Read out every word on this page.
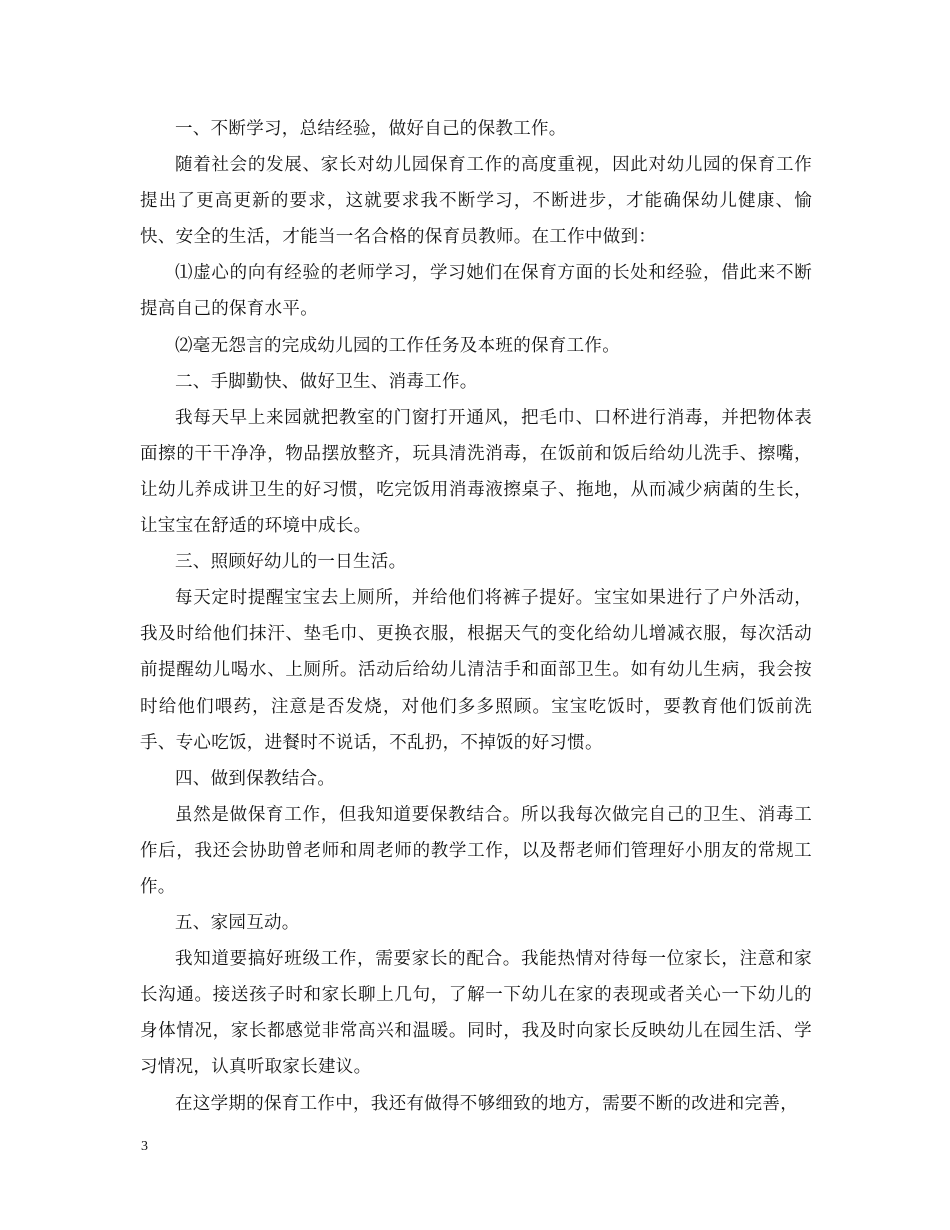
一、不断学习，总结经验，做好自己的保教工作。

随着社会的发展、家长对幼儿园保育工作的高度重视，因此对幼儿园的保育工作提出了更高更新的要求，这就要求我不断学习，不断进步，才能确保幼儿健康、愉快、安全的生活，才能当一名合格的保育员教师。在工作中做到：

⑴虚心的向有经验的老师学习，学习她们在保育方面的长处和经验，借此来不断提高自己的保育水平。

⑵毫无怨言的完成幼儿园的工作任务及本班的保育工作。

二、手脚勤快、做好卫生、消毒工作。

我每天早上来园就把教室的门窗打开通风，把毛巾、口杯进行消毒，并把物体表面擦的干干净净，物品摆放整齐，玩具清洗消毒，在饭前和饭后给幼儿洗手、擦嘴，让幼儿养成讲卫生的好习惯，吃完饭用消毒液擦桌子、拖地，从而减少病菌的生长，让宝宝在舒适的环境中成长。

三、照顾好幼儿的一日生活。

每天定时提醒宝宝去上厕所，并给他们将裤子提好。宝宝如果进行了户外活动，我及时给他们抹汗、垫毛巾、更换衣服，根据天气的变化给幼儿增减衣服，每次活动前提醒幼儿喝水、上厕所。活动后给幼儿清洁手和面部卫生。如有幼儿生病，我会按时给他们喂药，注意是否发烧，对他们多多照顾。宝宝吃饭时，要教育他们饭前洗手、专心吃饭，进餐时不说话，不乱扔，不掉饭的好习惯。

四、做到保教结合。

虽然是做保育工作，但我知道要保教结合。所以我每次做完自己的卫生、消毒工作后，我还会协助曾老师和周老师的教学工作，以及帮老师们管理好小朋友的常规工作。

五、家园互动。

我知道要搞好班级工作，需要家长的配合。我能热情对待每一位家长，注意和家长沟通。接送孩子时和家长聊上几句，了解一下幼儿在家的表现或者关心一下幼儿的身体情况，家长都感觉非常高兴和温暖。同时，我及时向家长反映幼儿在园生活、学习情况，认真听取家长建议。

在这学期的保育工作中，我还有做得不够细致的地方，需要不断的改进和完善，

3
